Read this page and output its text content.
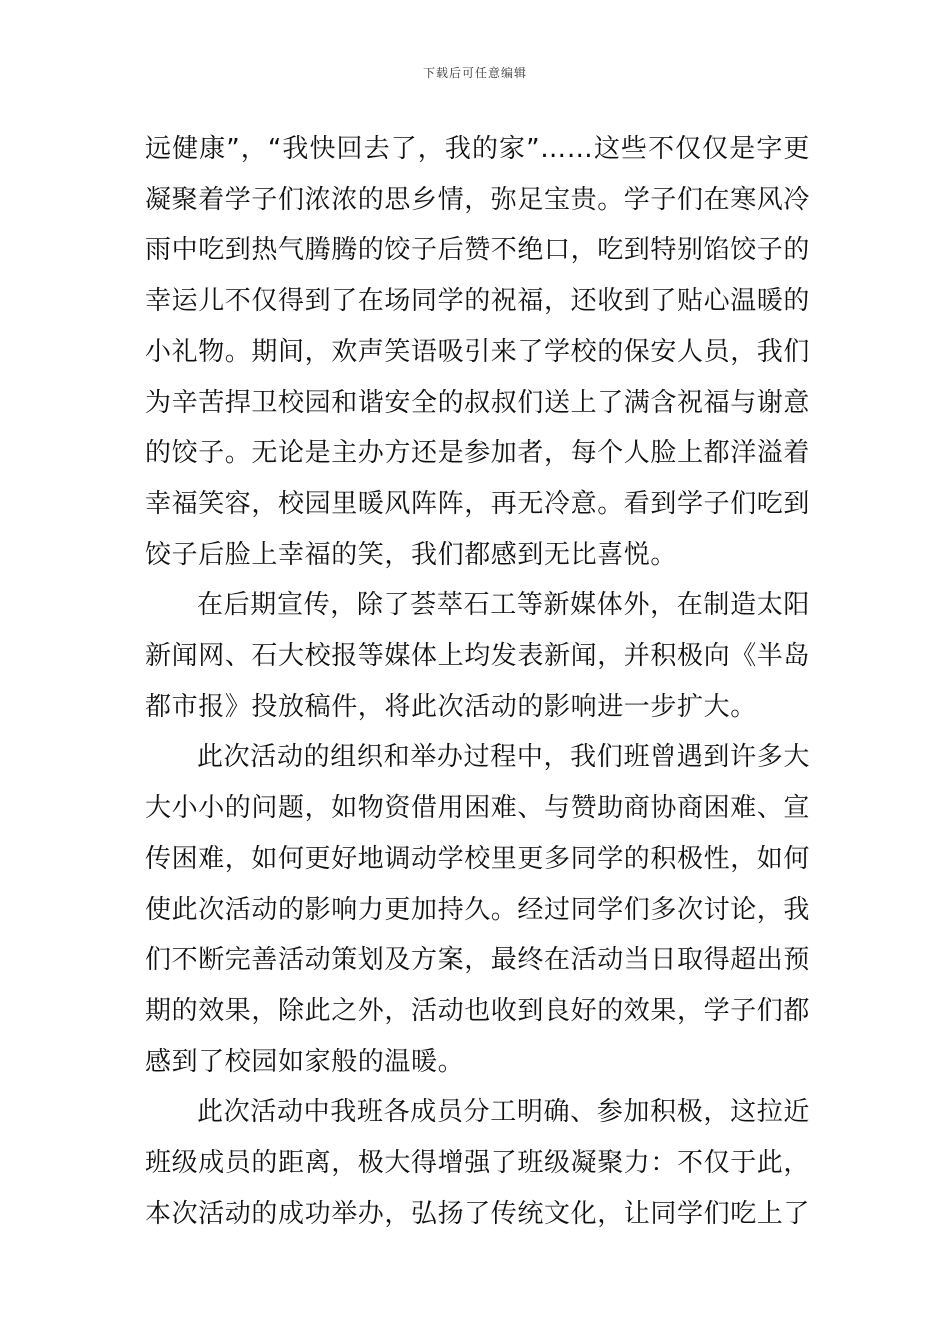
下载后可任意编辑

远健康”，“我快回去了，我的家”……这些不仅仅是字更凝聚着学子们浓浓的思乡情，弥足宝贵。学子们在寒风冷雨中吃到热气腾腾的饺子后赞不绝口，吃到特别馅饺子的幸运儿不仅得到了在场同学的祝福，还收到了贴心温暖的小礼物。期间，欢声笑语吸引来了学校的保安人员，我们为辛苦捍卫校园和谐安全的叔叔们送上了满含祝福与谢意的饺子。无论是主办方还是参加者，每个人脸上都洋溢着幸福笑容，校园里暖风阵阵，再无冷意。看到学子们吃到饺子后脸上幸福的笑，我们都感到无比喜悦。

在后期宣传，除了荟萃石工等新媒体外，在制造太阳新闻网、石大校报等媒体上均发表新闻，并积极向《半岛都市报》投放稿件，将此次活动的影响进一步扩大。

此次活动的组织和举办过程中，我们班曾遇到许多大大小小的问题，如物资借用困难、与赞助商协商困难、宣传困难，如何更好地调动学校里更多同学的积极性，如何使此次活动的影响力更加持久。经过同学们多次讨论，我们不断完善活动策划及方案，最终在活动当日取得超出预期的效果，除此之外，活动也收到良好的效果，学子们都感到了校园如家般的温暖。

此次活动中我班各成员分工明确、参加积极，这拉近班级成员的距离，极大得增强了班级凝聚力：不仅于此，本次活动的成功举办，弘扬了传统文化，让同学们吃上了
